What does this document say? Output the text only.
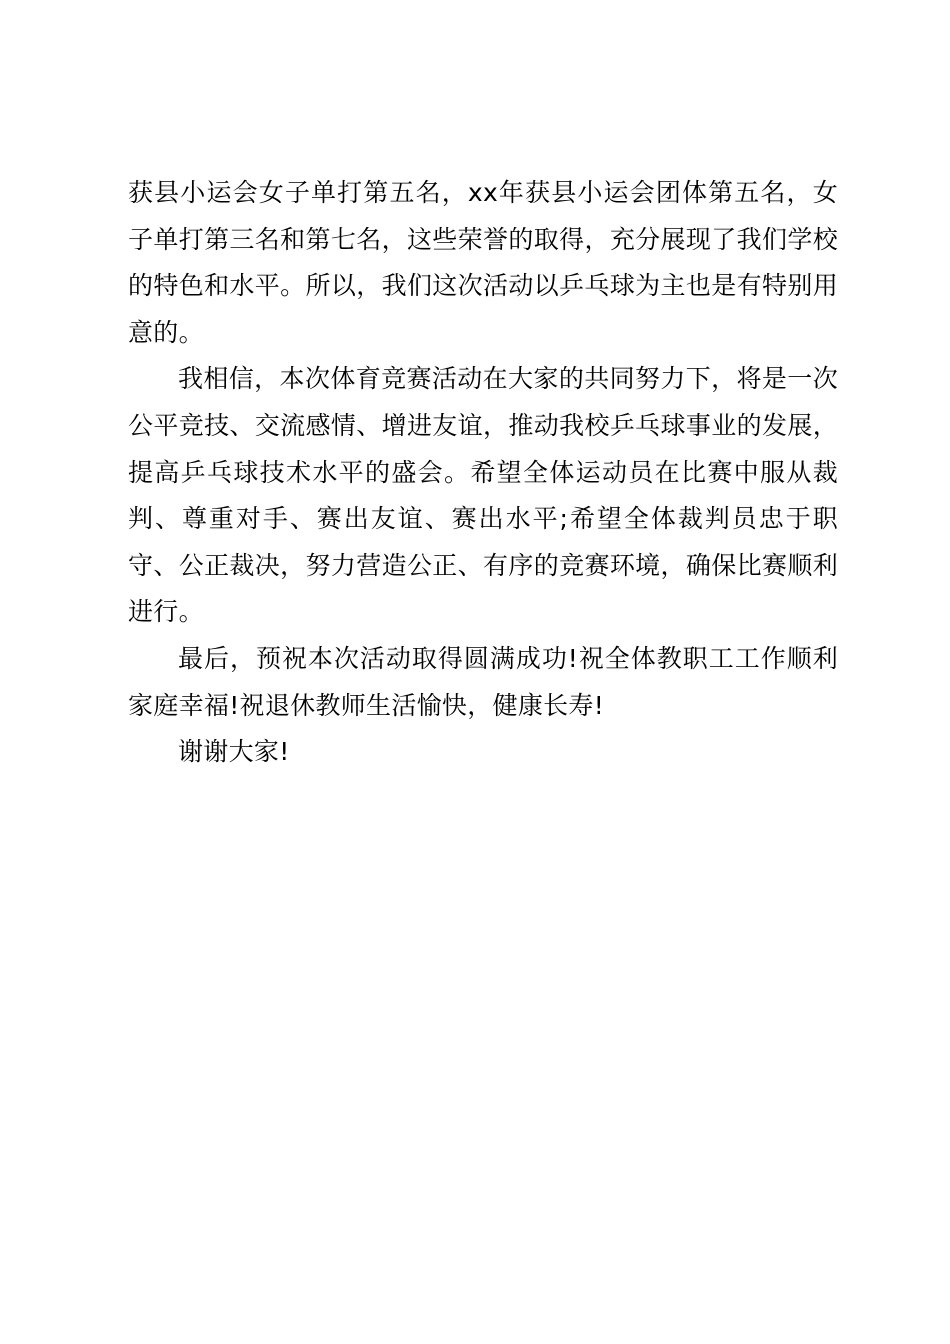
获县小运会女子单打第五名，xx年获县小运会团体第五名，女子单打第三名和第七名，这些荣誉的取得，充分展现了我们学校的特色和水平。所以，我们这次活动以乒乓球为主也是有特别用意的。

我相信，本次体育竞赛活动在大家的共同努力下，将是一次公平竞技、交流感情、增进友谊，推动我校乒乓球事业的发展，提高乒乓球技术水平的盛会。希望全体运动员在比赛中服从裁判、尊重对手、赛出友谊、赛出水平;希望全体裁判员忠于职守、公正裁决，努力营造公正、有序的竞赛环境，确保比赛顺利进行。

最后，预祝本次活动取得圆满成功!祝全体教职工工作顺利家庭幸福!祝退休教师生活愉快，健康长寿!

谢谢大家!
